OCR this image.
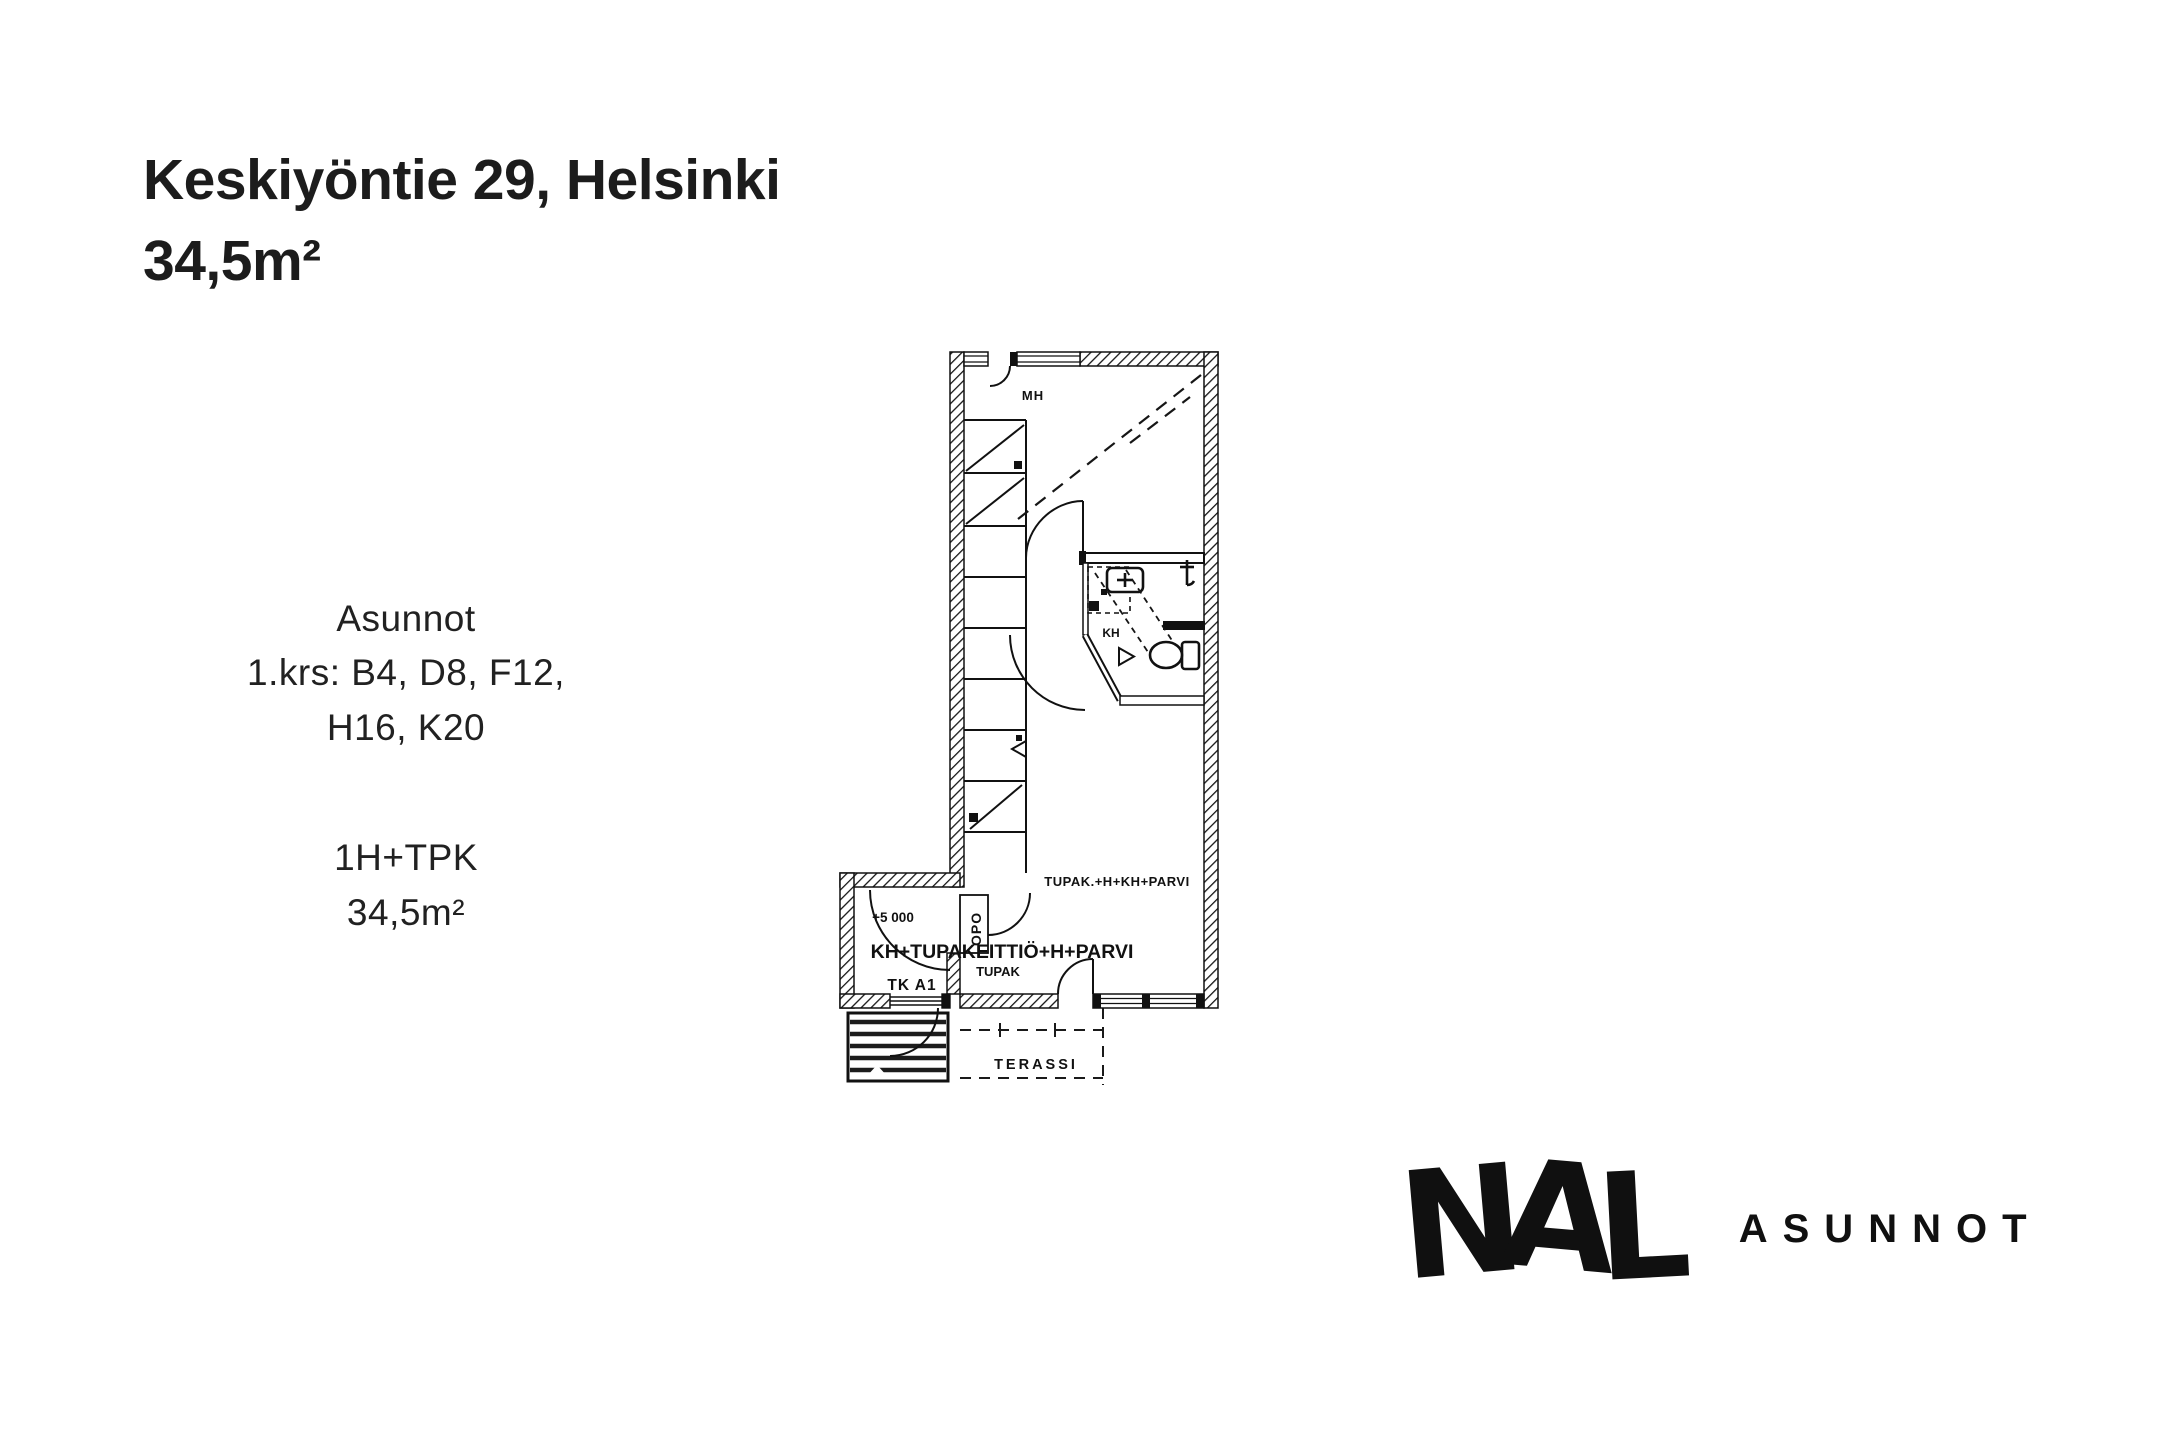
Keskiyöntie 29, Helsinki
34,5m²
Asunnot
1.krs: B4, D8, F12,
H16, K20
1H+TPK
34,5m²
MH
KH
TUPAK.+H+KH+PARVI
KH+TUPAKEITTIÖ+H+PARVI
+5 000
TK A1
TUPAK
TERASSI
OPO
N
A
L ASUNNOT
